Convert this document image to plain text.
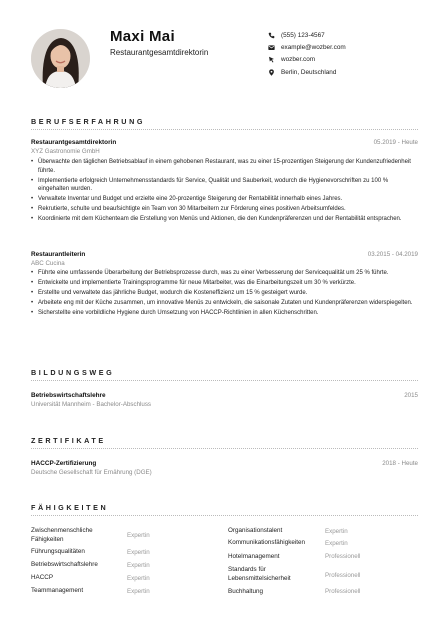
Maxi Mai
Restaurantgesamtdirektorin
(555) 123-4567
example@wozber.com
wozber.com
Berlin, Deutschland
BERUFSERFAHRUNG
Restaurantgesamtdirektorin	05.2019 - Heute
XYZ Gastronomie GmbH
• Überwachte den täglichen Betriebsablauf in einem gehobenen Restaurant, was zu einer 15-prozentigen Steigerung der Kundenzufriedenheit führte.
• Implementierte erfolgreich Unternehmensstandards für Service, Qualität und Sauberkeit, wodurch die Hygienevorschriften zu 100 % eingehalten wurden.
• Verwaltete Inventar und Budget und erzielte eine 20-prozentige Steigerung der Rentabilität innerhalb eines Jahres.
• Rekrutierte, schulte und beaufsichtigte ein Team von 30 Mitarbeitern zur Förderung eines positiven Arbeitsumfeldes.
• Koordinierte mit dem Küchenteam die Erstellung von Menüs und Aktionen, die den Kundenpräferenzen und der Rentabilität entsprachen.
Restaurantleiterin	03.2015 - 04.2019
ABC Cucina
• Führte eine umfassende Überarbeitung der Betriebsprozesse durch, was zu einer Verbesserung der Servicequalität um 25 % führte.
• Entwickelte und implementierte Trainingsprogramme für neue Mitarbeiter, was die Einarbeitungszeit um 30 % verkürzte.
• Erstellte und verwaltete das jährliche Budget, wodurch die Kosteneffizienz um 15 % gesteigert wurde.
• Arbeitete eng mit der Küche zusammen, um innovative Menüs zu entwickeln, die saisonale Zutaten und Kundenpräferenzen widerspiegelten.
• Sicherstellte eine vorbildliche Hygiene durch Umsetzung von HACCP-Richtlinien in allen Küchenschritten.
BILDUNGSWEG
Betriebswirtschaftslehre	2015
Universität Mannheim - Bachelor-Abschluss
ZERTIFIKATE
HACCP-Zertifizierung	2018 - Heute
Deutsche Gesellschaft für Ernährung (DGE)
FÄHIGKEITEN
Zwischenmenschliche Fähigkeiten
Expertin
Führungsqualitäten	Expertin
Betriebswirtschaftslehre	Expertin
HACCP	Expertin
Teammanagement	Expertin
Organisationstalent	Expertin
Kommunikationsfähigkeiten	Expertin
Hotelmanagement	Professionell
Standards für Lebensmittelsicherheit	Professionell
Buchhaltung	Professionell
